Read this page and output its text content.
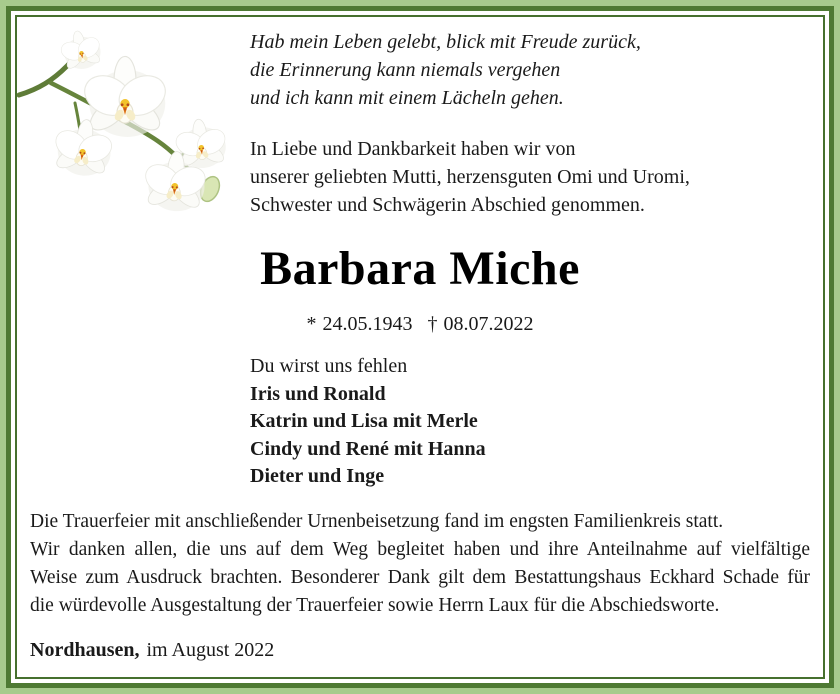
Hab mein Leben gelebt, blick mit Freude zurück,
die Erinnerung kann niemals vergehen
und ich kann mit einem Lächeln gehen.
In Liebe und Dankbarkeit haben wir von
unserer geliebten Mutti, herzensguten Omi und Uromi,
Schwester und Schwägerin Abschied genommen.
Barbara Miche
* 24.05.1943 † 08.07.2022
Du wirst uns fehlen
Iris und Ronald
Katrin und Lisa mit Merle
Cindy und René mit Hanna
Dieter und Inge
Die Trauerfeier mit anschließender Urnenbeisetzung fand im engsten Familienkreis statt.
Wir danken allen, die uns auf dem Weg begleitet haben und ihre Anteilnahme auf vielfältige
Weise zum Ausdruck brachten. Besonderer Dank gilt dem Bestattungshaus Eckhard Schade für
die würdevolle Ausgestaltung der Trauerfeier sowie Herrn Laux für die Abschiedsworte.
Nordhausen, im August 2022
